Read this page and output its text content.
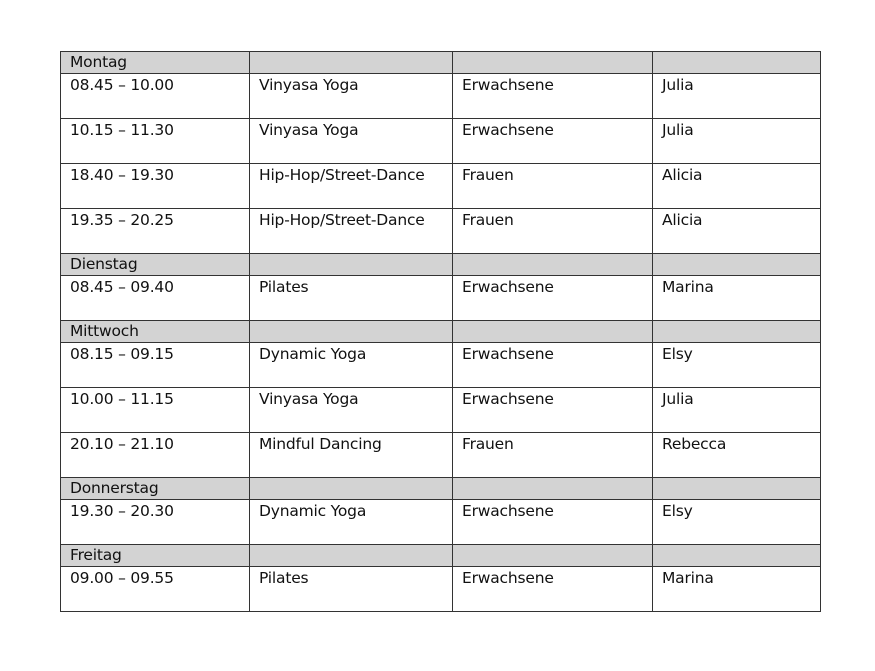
Montag			
08.45 – 10.00	Vinyasa Yoga	Erwachsene	Julia
10.15 – 11.30	Vinyasa Yoga	Erwachsene	Julia
18.40 – 19.30	Hip-Hop/Street-Dance	Frauen	Alicia
19.35 – 20.25	Hip-Hop/Street-Dance	Frauen	Alicia
Dienstag			
08.45 – 09.40	Pilates	Erwachsene	Marina
Mittwoch			
08.15 – 09.15	Dynamic Yoga	Erwachsene	Elsy
10.00 – 11.15	Vinyasa Yoga	Erwachsene	Julia
20.10 – 21.10	Mindful Dancing	Frauen	Rebecca
Donnerstag			
19.30 – 20.30	Dynamic Yoga	Erwachsene	Elsy
Freitag			
09.00 – 09.55	Pilates	Erwachsene	Marina
